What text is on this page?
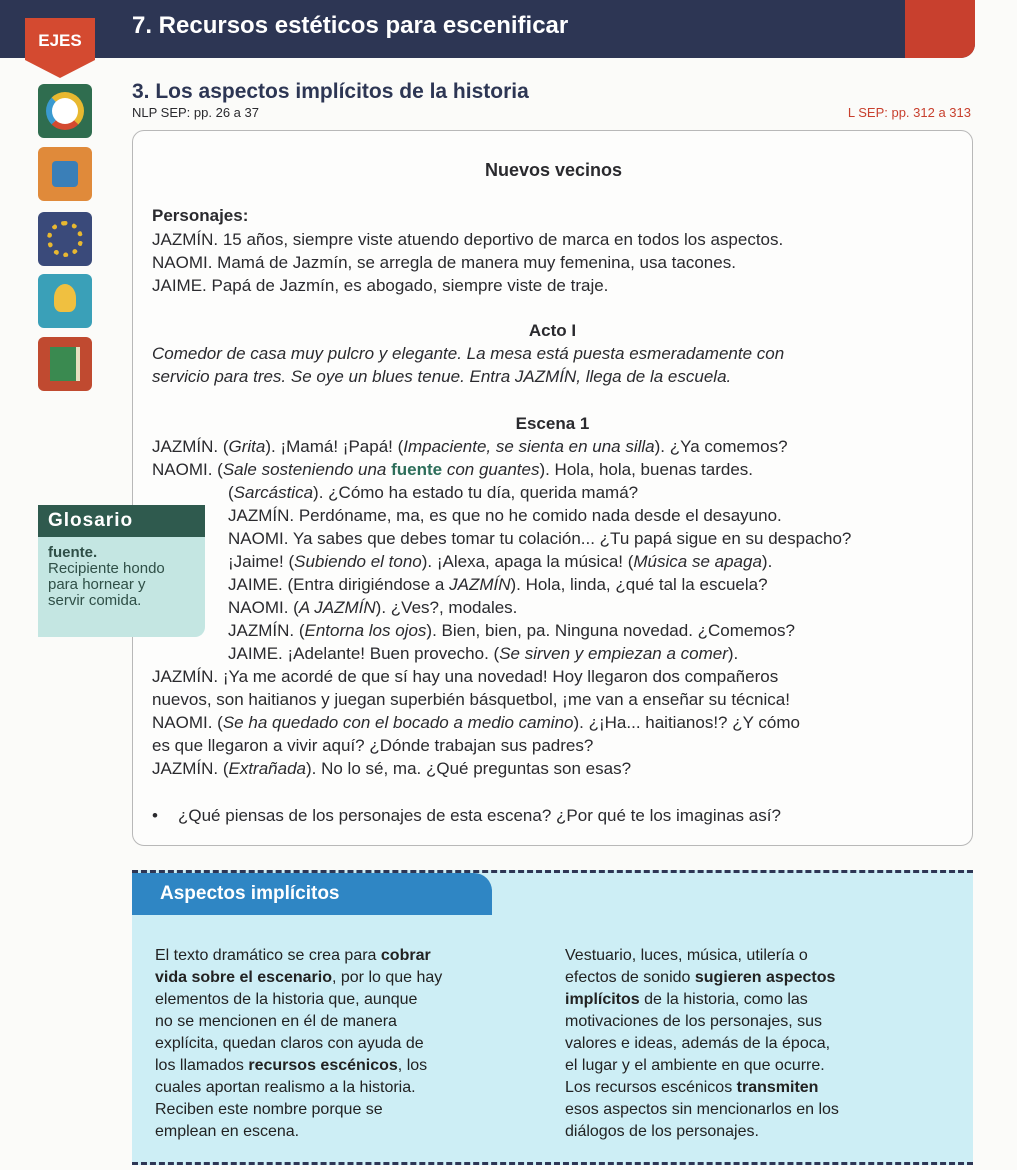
EJES
7. Recursos estéticos para escenificar
3. Los aspectos implícitos de la historia
NLP SEP: pp. 26 a 37	L SEP: pp. 312 a 313
Nuevos vecinos
Personajes:
JAZMÍN. 15 años, siempre viste atuendo deportivo de marca en todos los aspectos.
NAOMI. Mamá de Jazmín, se arregla de manera muy femenina, usa tacones.
JAIME. Papá de Jazmín, es abogado, siempre viste de traje.
Acto I
Comedor de casa muy pulcro y elegante. La mesa está puesta esmeradamente con
servicio para tres. Se oye un blues tenue. Entra JAZMÍN, llega de la escuela.
Escena 1
JAZMÍN. (Grita). ¡Mamá! ¡Papá! (Impaciente, se sienta en una silla). ¿Ya comemos?
NAOMI. (Sale sosteniendo una fuente con guantes). Hola, hola, buenas tardes.
(Sarcástica). ¿Cómo ha estado tu día, querida mamá?
JAZMÍN. Perdóname, ma, es que no he comido nada desde el desayuno.
NAOMI. Ya sabes que debes tomar tu colación... ¿Tu papá sigue en su despacho?
¡Jaime! (Subiendo el tono). ¡Alexa, apaga la música! (Música se apaga).
JAIME. (Entra dirigiéndose a JAZMÍN). Hola, linda, ¿qué tal la escuela?
NAOMI. (A JAZMÍN). ¿Ves?, modales.
JAZMÍN. (Entorna los ojos). Bien, bien, pa. Ninguna novedad. ¿Comemos?
JAIME. ¡Adelante! Buen provecho. (Se sirven y empiezan a comer).
JAZMÍN. ¡Ya me acordé de que sí hay una novedad! Hoy llegaron dos compañeros
nuevos, son haitianos y juegan superbién básquetbol, ¡me van a enseñar su técnica!
NAOMI. (Se ha quedado con el bocado a medio camino). ¿¡Ha... haitianos!? ¿Y cómo
es que llegaron a vivir aquí? ¿Dónde trabajan sus padres?
JAZMÍN. (Extrañada). No lo sé, ma. ¿Qué preguntas son esas?
• ¿Qué piensas de los personajes de esta escena? ¿Por qué te los imaginas así?
Glosario
fuente.
Recipiente hondo
para hornear y
servir comida.
Aspectos implícitos
El texto dramático se crea para cobrar
vida sobre el escenario, por lo que hay
elementos de la historia que, aunque
no se mencionen en él de manera
explícita, quedan claros con ayuda de
los llamados recursos escénicos, los
cuales aportan realismo a la historia.
Reciben este nombre porque se
emplean en escena.
Vestuario, luces, música, utilería o
efectos de sonido sugieren aspectos
implícitos de la historia, como las
motivaciones de los personajes, sus
valores e ideas, además de la época,
el lugar y el ambiente en que ocurre.
Los recursos escénicos transmiten
esos aspectos sin mencionarlos en los
diálogos de los personajes.
